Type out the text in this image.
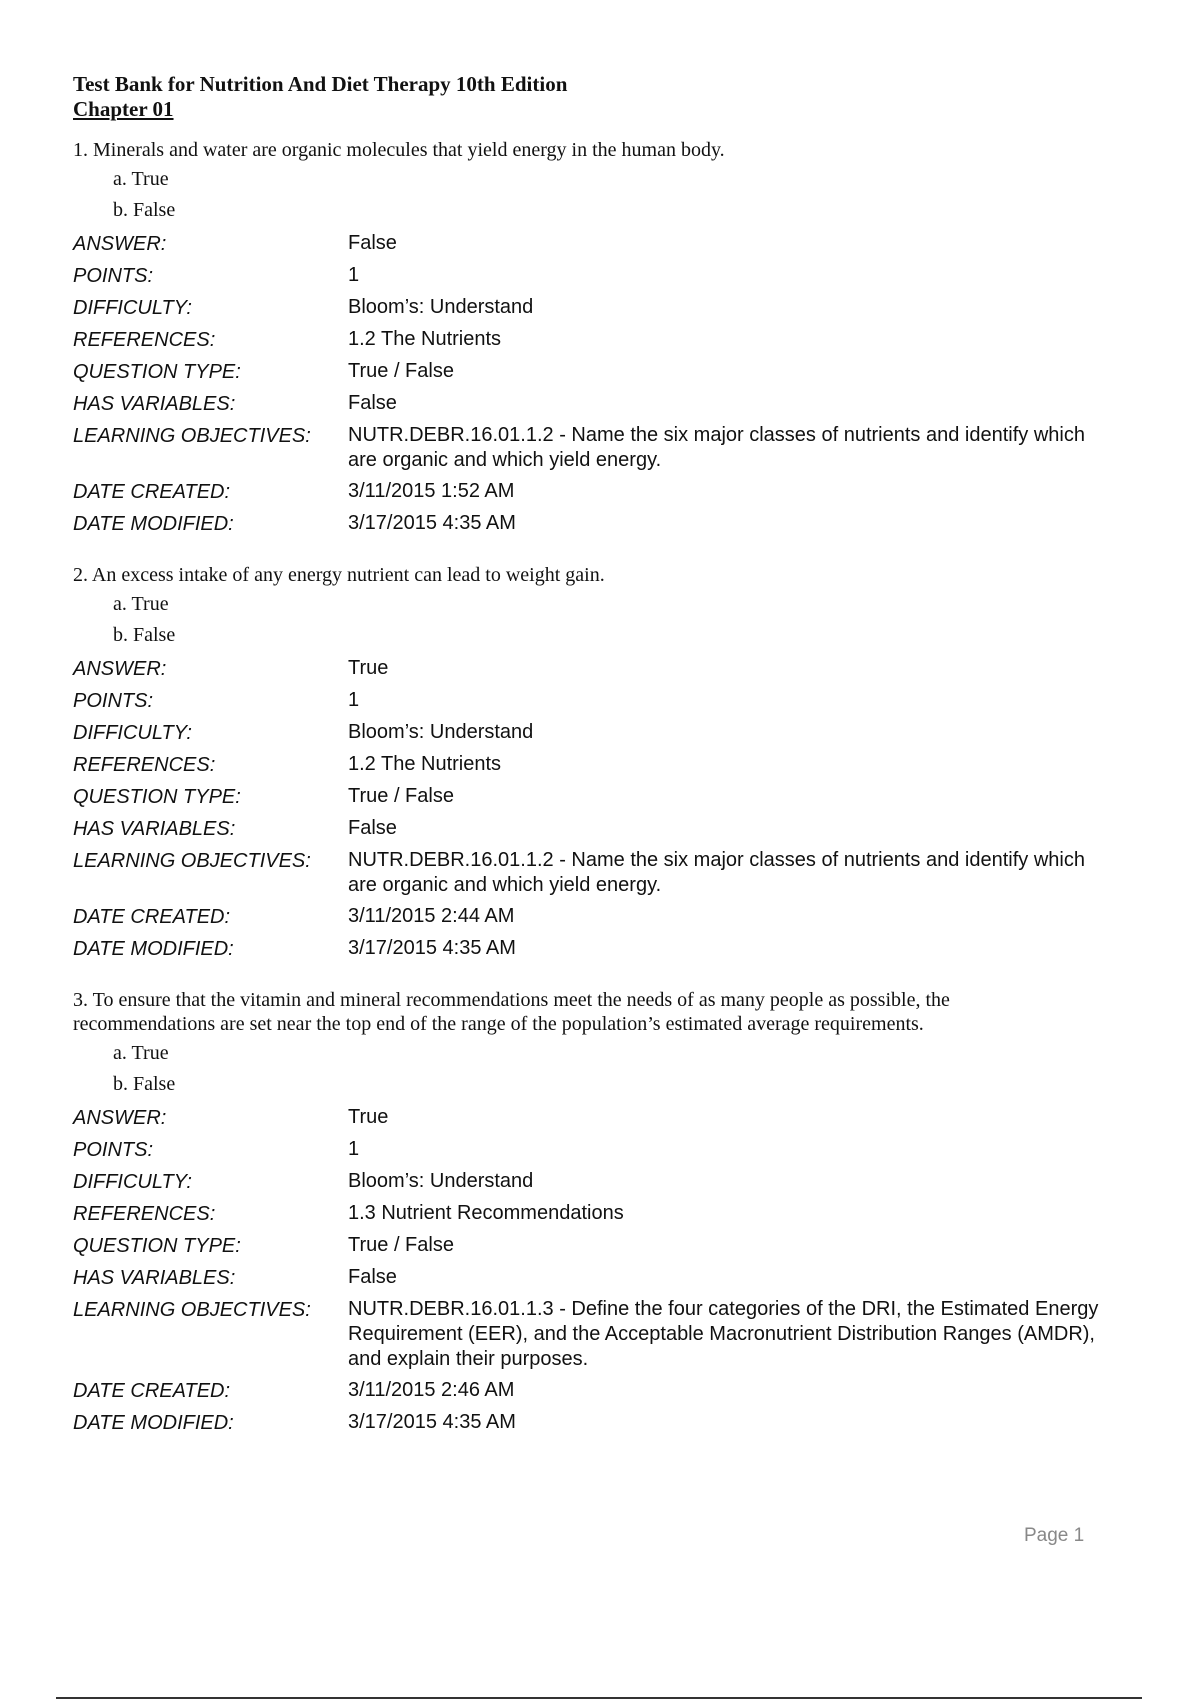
Test Bank for Nutrition And Diet Therapy 10th Edition

Chapter 01

1. Minerals and water are organic molecules that yield energy in the human body.

a. True
b. False
ANSWER:	False
POINTS:	1
DIFFICULTY:	Bloom’s: Understand
REFERENCES:	1.2 The Nutrients
QUESTION TYPE:	True / False
HAS VARIABLES:	False
LEARNING OBJECTIVES:	NUTR.DEBR.16.01.1.2 - Name the six major classes of nutrients and identify which are organic and which yield energy.
DATE CREATED:	3/11/2015 1:52 AM
DATE MODIFIED:	3/17/2015 4:35 AM

2. An excess intake of any energy nutrient can lead to weight gain.

a. True
b. False
ANSWER:	True
POINTS:	1
DIFFICULTY:	Bloom’s: Understand
REFERENCES:	1.2 The Nutrients
QUESTION TYPE:	True / False
HAS VARIABLES:	False
LEARNING OBJECTIVES:	NUTR.DEBR.16.01.1.2 - Name the six major classes of nutrients and identify which are organic and which yield energy.
DATE CREATED:	3/11/2015 2:44 AM
DATE MODIFIED:	3/17/2015 4:35 AM

3. To ensure that the vitamin and mineral recommendations meet the needs of as many people as possible, the recommendations are set near the top end of the range of the population’s estimated average requirements.

a. True
b. False
ANSWER:	True
POINTS:	1
DIFFICULTY:	Bloom’s: Understand
REFERENCES:	1.3 Nutrient Recommendations
QUESTION TYPE:	True / False
HAS VARIABLES:	False
LEARNING OBJECTIVES:	NUTR.DEBR.16.01.1.3 - Define the four categories of the DRI, the Estimated Energy Requirement (EER), and the Acceptable Macronutrient Distribution Ranges (AMDR), and explain their purposes.
DATE CREATED:	3/11/2015 2:46 AM
DATE MODIFIED:	3/17/2015 4:35 AM
Page 1
